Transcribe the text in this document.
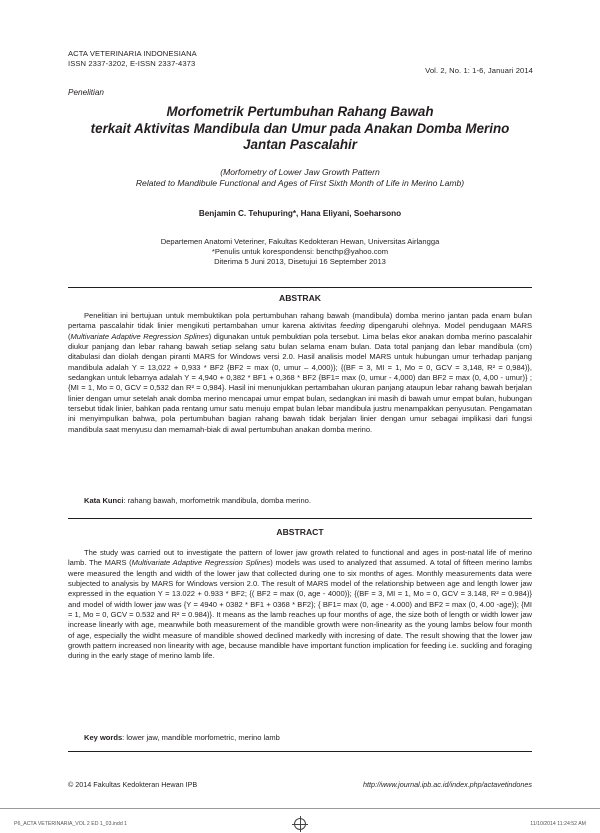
ACTA VETERINARIA INDONESIANA
ISSN 2337-3202, E-ISSN 2337-4373
Vol. 2, No. 1: 1-6, Januari 2014
Penelitian
Morfometrik Pertumbuhan Rahang Bawah
terkait Aktivitas Mandibula dan Umur pada Anakan Domba Merino
Jantan Pascalahir
(Morfometry of Lower Jaw Growth Pattern
Related to Mandibule Functional and Ages of First Sixth Month of Life in Merino Lamb)
Benjamin C. Tehupuring*, Hana Eliyani, Soeharsono
Departemen Anatomi Veteriner, Fakultas Kedokteran Hewan, Universitas Airlangga
*Penulis untuk korespondensi: bencthp@yahoo.com
Diterima 5 Juni 2013, Disetujui 16 September 2013
ABSTRAK
Penelitian ini bertujuan untuk membuktikan pola pertumbuhan rahang bawah (mandibula) domba merino jantan pada enam bulan pertama pascalahir tidak linier mengikuti pertambahan umur karena aktivitas feeding dipengaruhi olehnya. Model pendugaan MARS (Multivariate Adaptive Regression Splines) digunakan untuk pembuktian pola tersebut. Lima belas ekor anakan domba merino pascalahir diukur panjang dan lebar rahang bawah setiap selang satu bulan selama enam bulan. Data total panjang dan lebar mandibula (cm) ditabulasi dan diolah dengan piranti MARS for Windows versi 2.0. Hasil analisis model MARS untuk hubungan umur terhadap panjang mandibula adalah Y = 13,022 + 0,933 * BF2 {BF2 = max (0, umur – 4,000)}; {(BF = 3, MI = 1, Mo = 0, GCV = 3,148, R² = 0,984)}, sedangkan untuk lebarnya adalah Y = 4,940 + 0,382 * BF1 + 0,368 * BF2 {BF1= max (0, umur - 4,000) dan BF2 = max (0, 4,00 - umur)} ; {MI = 1, Mo = 0, GCV = 0,532 dan R² = 0,984}. Hasil ini menunjukkan pertambahan ukuran panjang ataupun lebar rahang bawah berjalan linier dengan umur setelah anak domba merino mencapai umur empat bulan, sedangkan ini masih di bawah umur empat bulan, hubungan tersebut tidak linier, bahkan pada rentang umur satu menuju empat bulan lebar mandibula justru menampakkan penyusutan. Pengamatan ini menyimpulkan bahwa, pola pertumbuhan bagian rahang bawah tidak berjalan linier dengan umur sebagai implikasi dari fungsi mandibula saat menyusu dan memamah-biak di awal pertumbuhan anakan domba merino.
Kata Kunci: rahang bawah, morfometrik mandibula, domba merino.
ABSTRACT
The study was carried out to investigate the pattern of lower jaw growth related to functional and ages in post-natal life of merino lamb. The MARS (Multivariate Adaptive Regression Splines) models was used to analyzed that assumed. A total of fifteen merino lambs were measured the length and width of the lower jaw that collected during one to six months of ages. Monthly measurements data were subjected to analysis by MARS for Windows version 2.0. The result of MARS model of the relationship between age and length lower jaw expressed in the equation Y = 13.022 + 0.933 * BF2; {( BF2 = max (0, age - 4000)}; {(BF = 3, MI = 1, Mo = 0, GCV = 3.148, R² = 0.984)} and model of width lower jaw was {Y = 4940 + 0382 * BF1 + 0368 * BF2}; { BF1= max (0, age - 4.000) and BF2 = max (0, 4.00 -age)}; {MI = 1, Mo = 0, GCV = 0.532 and R² = 0.984)}. It means as the lamb reaches up four months of age, the size both of length or width lower jaw increase linearly with age, meanwhile both measurement of the mandible growth were non-linearity as the young lambs below four month of age, especially the widht measure of mandible showed declined markedly with incresing of date. The result showing that the lower jaw growth pattern increased non linearity with age, because mandible have important function implication for feeding i.e. suckling and foraging during in the early stage of merino lamb life.
Key words: lower jaw, mandible morfometric, merino lamb
© 2014 Fakultas Kedokteran Hewan IPB	http://www.journal.ipb.ac.id/index.php/actavetindones
P6_ACTA VETERINARIA_VOL 2 ED 1_03.indd 1	11/10/2014 11:24:52 AM
